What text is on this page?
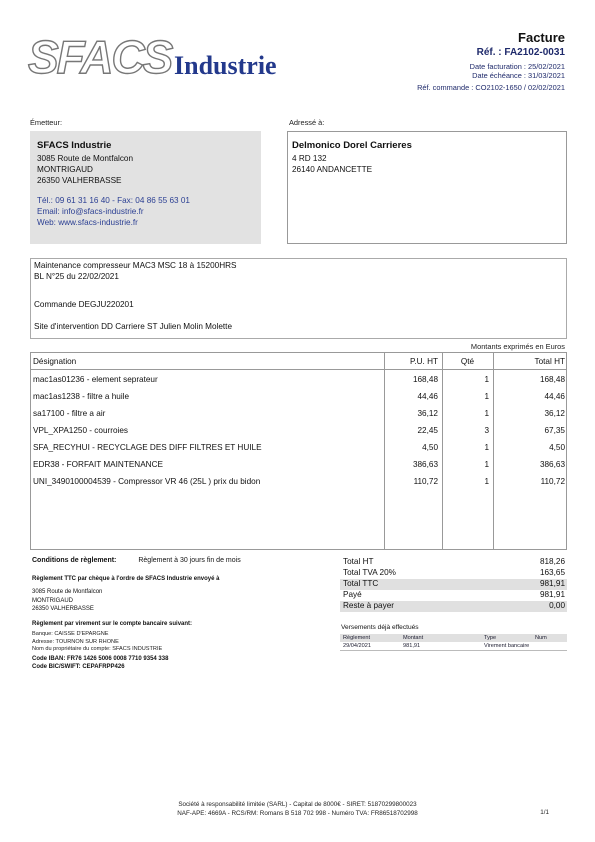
SFACS Industrie
Facture
Réf. : FA2102-0031
Date facturation : 25/02/2021
Date échéance : 31/03/2021
Réf. commande : CO2102-1650 / 02/02/2021
Émetteur:	Adressé à:
SFACS Industrie
3085 Route de Montfalcon
MONTRIGAUD
26350 VALHERBASSE
Tél.: 09 61 31 16 40 - Fax: 04 86 55 63 01
Email: info@sfacs-industrie.fr
Web: www.sfacs-industrie.fr
Delmonico Dorel Carrieres
4 RD 132
26140 ANDANCETTE
Maintenance compresseur MAC3 MSC 18 à 15200HRS
BL N°25 du 22/02/2021
Commande DEGJU220201
Site d'intervention DD Carriere ST Julien Molin Molette
Montants exprimés en Euros
Désignation	P.U. HT	Qté	Total HT
mac1as01236 - element seprateur	168,48	1	168,48
mac1as1238 - filtre a huile	44,46	1	44,46
sa17100 - filtre a air	36,12	1	36,12
VPL_XPA1250 - courroies	22,45	3	67,35
SFA_RECYHUI - RECYCLAGE DES DIFF FILTRES ET HUILE	4,50	1	4,50
EDR38 - FORFAIT MAINTENANCE	386,63	1	386,63
UNI_3490100004539 - Compressor VR 46 (25L ) prix du bidon	110,72	1	110,72
Conditions de règlement:	Règlement à 30 jours fin de mois
Règlement TTC par chèque à l'ordre de SFACS Industrie envoyé à
3085 Route de Montfalcon
MONTRIGAUD
26350 VALHERBASSE
Règlement par virement sur le compte bancaire suivant:
Banque: CAISSE D'EPARGNE
Adresse: TOURNON SUR RHONE
Nom du propriétaire du compte: SFACS INDUSTRIE
Code IBAN: FR76 1426 5006 0008 7710 9354 338
Code BIC/SWIFT: CEPAFRPP426
Total HT	818,26
Total TVA 20%	163,65
Total TTC	981,91
Payé	981,91
Reste à payer	0,00
Versements déjà effectués
Règlement	Montant	Type	Num
29/04/2021	981,91	Virement bancaire
Société à responsabilité limitée (SARL) - Capital de 8000€ - SIRET: 51870299800023
NAF-APE: 4669A - RCS/RM: Romans B 518 702 998 - Numéro TVA: FR86518702998	1/1
